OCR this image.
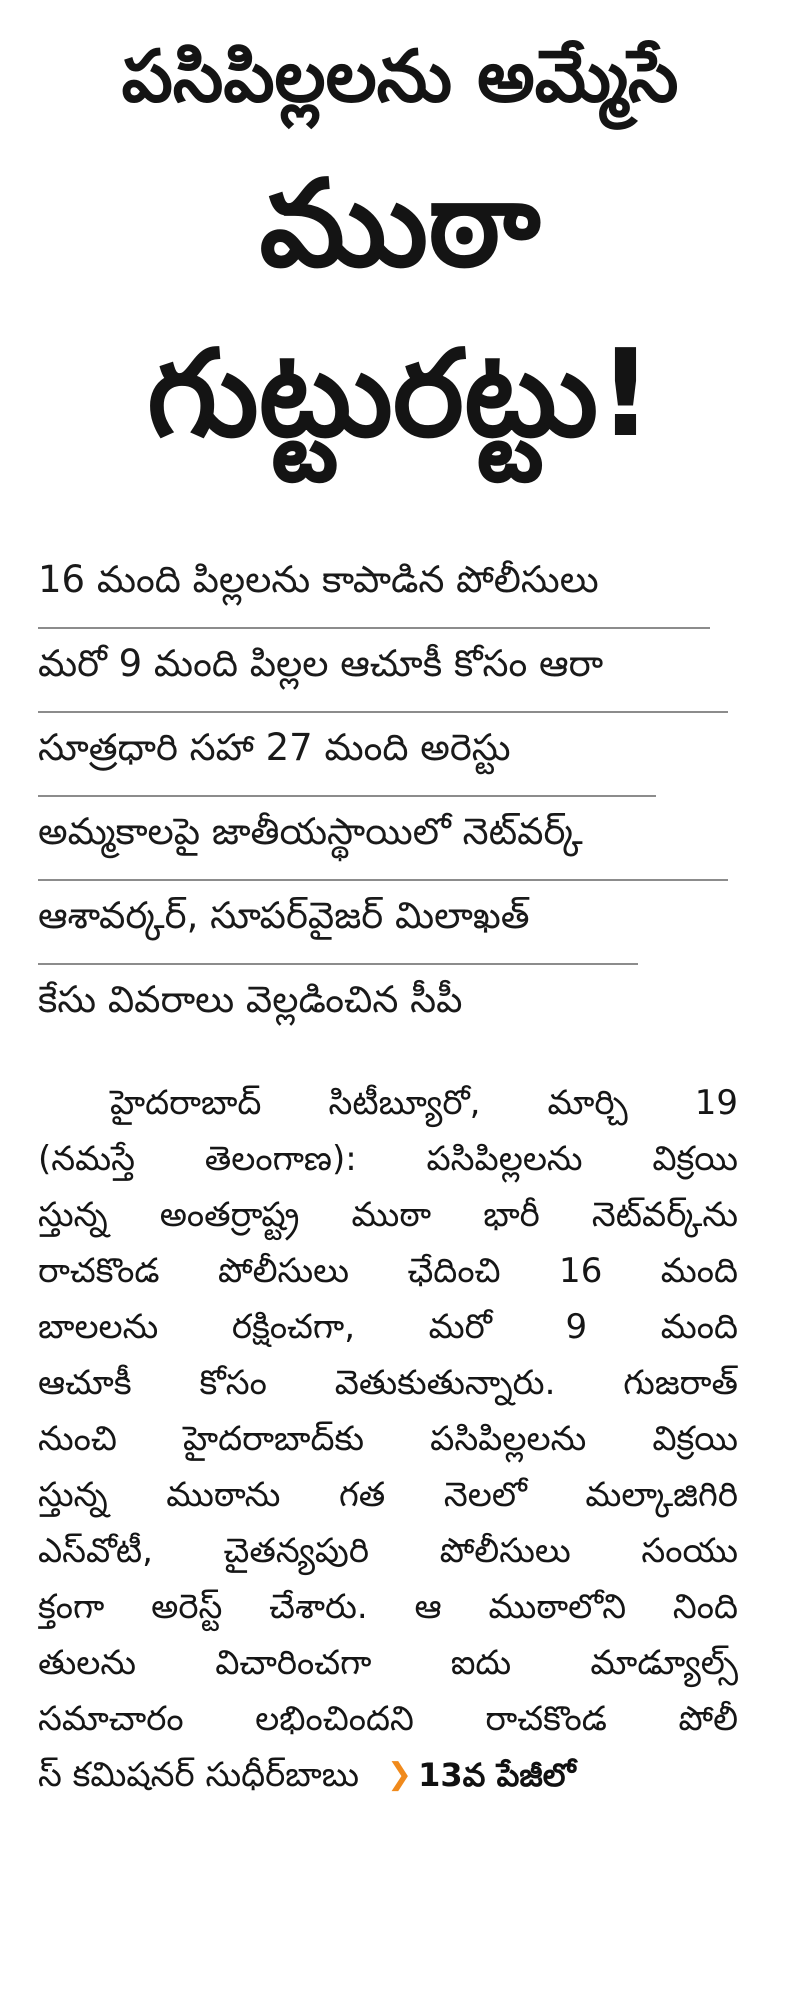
పసిపిల్లలను అమ్మేసే
ముఠా
గుట్టురట్టు!
16 మంది పిల్లలను కాపాడిన పోలీసులు
మరో 9 మంది పిల్లల ఆచూకీ కోసం ఆరా
సూత్రధారి సహా 27 మంది అరెస్టు
అమ్మకాలపై జాతీయస్థాయిలో నెట్‌వర్క్
ఆశావర్కర్, సూపర్‌వైజర్ మిలాఖత్
కేసు వివరాలు వెల్లడించిన సీపీ
హైదరాబాద్ సిటీబ్యూరో, మార్చి 19
(నమస్తే తెలంగాణ): పసిపిల్లలను విక్రయి
స్తున్న అంతర్రాష్ట్ర ముఠా భారీ నెట్‌వర్క్‌ను
రాచకొండ పోలీసులు ఛేదించి 16 మంది
బాలలను రక్షించగా, మరో 9 మంది
ఆచూకీ కోసం వెతుకుతున్నారు. గుజరాత్
నుంచి హైదరాబాద్‌కు పసిపిల్లలను విక్రయి
స్తున్న ముఠాను గత నెలలో మల్కాజిగిరి
ఎస్‌వోటీ, చైతన్యపురి పోలీసులు సంయు
క్తంగా అరెస్ట్ చేశారు. ఆ ముఠాలోని నింది
తులను విచారించగా ఐదు మాడ్యూల్స్
సమాచారం లభించిందని రాచకొండ పోలీ
స్ కమిషనర్ సుధీర్‌బాబు ❯ 13వ పేజీలో
